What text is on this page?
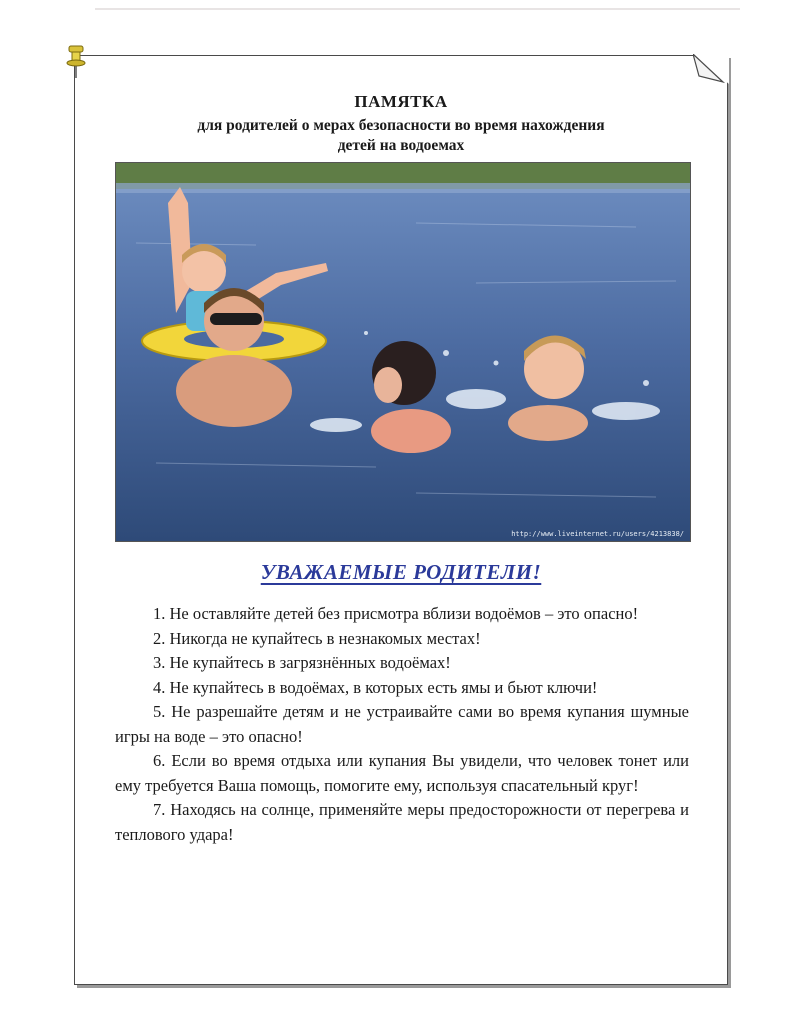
ПАМЯТКА

для родителей о мерах безопасности во время нахождения
детей на водоемах

http://www.liveinternet.ru/users/4213838/
УВАЖАЕМЫЕ РОДИТЕЛИ!
1. Не оставляйте детей без присмотра вблизи водоёмов – это опасно!
2. Никогда не купайтесь в незнакомых местах!
3. Не купайтесь в загрязнённых водоёмах!
4. Не купайтесь в водоёмах, в которых есть ямы и бьют ключи!
5. Не разрешайте детям и не устраивайте сами во время купания шумные игры на воде – это опасно!
6. Если во время отдыха или купания Вы увидели, что человек тонет или ему требуется Ваша помощь, помогите ему, используя спасательный круг!
7. Находясь на солнце, применяйте меры предосторожности от перегрева и теплового удара!
